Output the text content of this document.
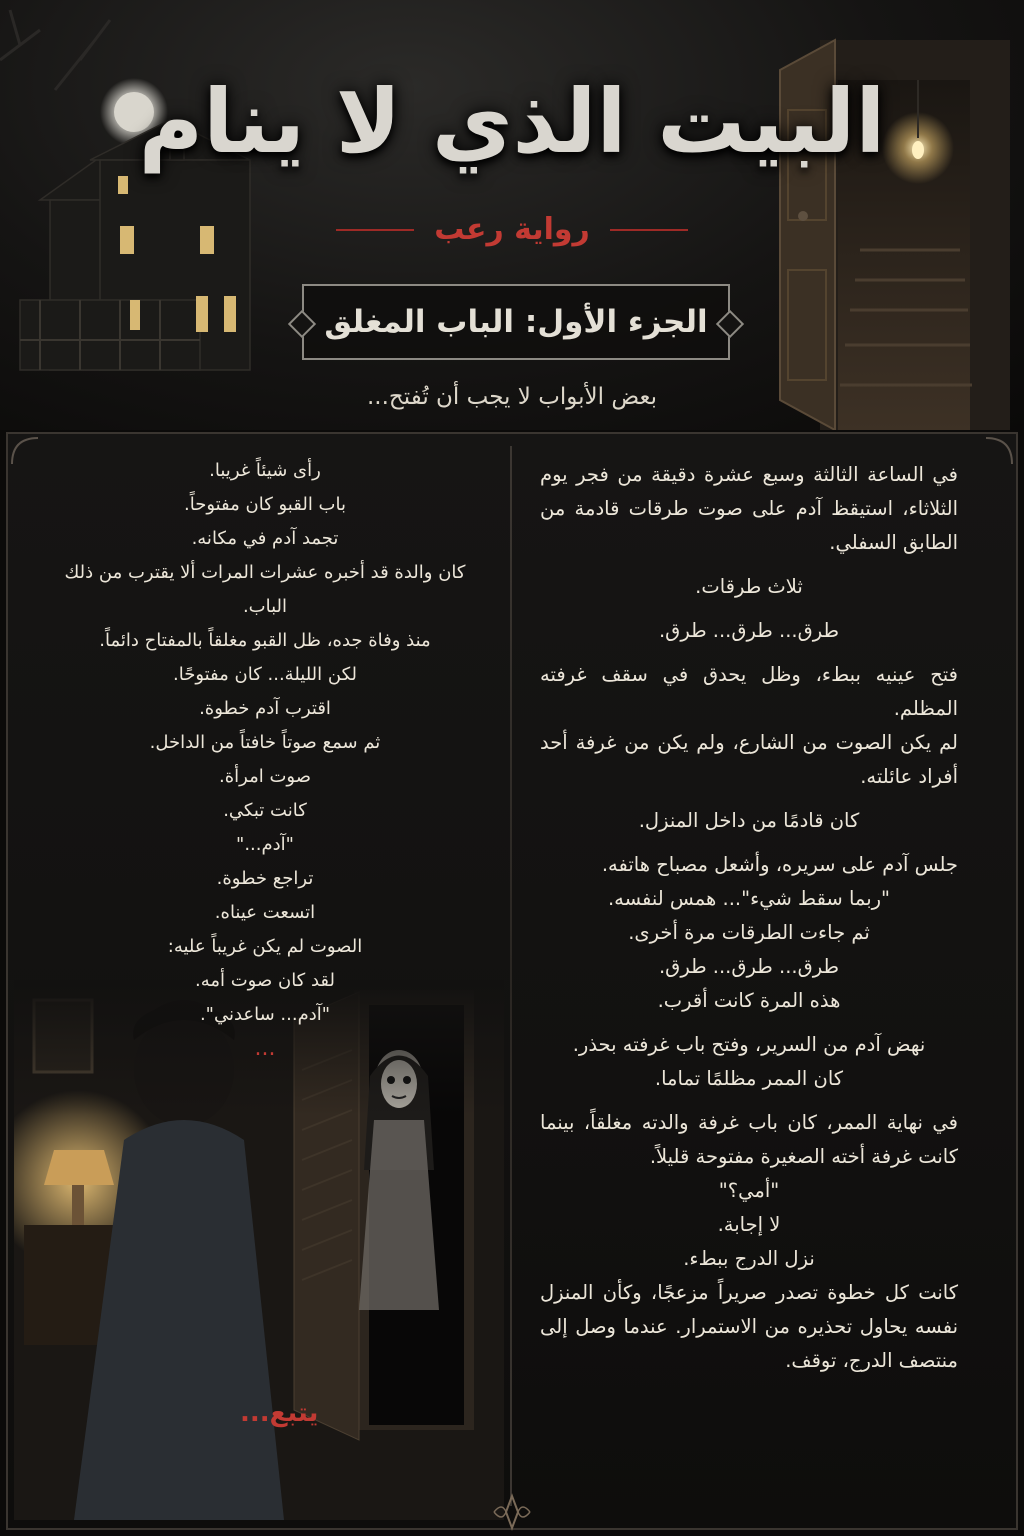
البيت الذي لا ينام
رواية رعب
الجزء الأول: الباب المغلق
بعض الأبواب لا يجب أن تُفتح...

في الساعة الثالثة وسبع عشرة دقيقة من فجر يوم الثلاثاء، استيقظ آدم على صوت طرقات قادمة من الطابق السفلي.

ثلاث طرقات.

طرق... طرق... طرق.

فتح عينيه ببطء، وظل يحدق في سقف غرفته المظلم.

لم يكن الصوت من الشارع، ولم يكن من غرفة أحد أفراد عائلته.

كان قادمًا من داخل المنزل.

جلس آدم على سريره، وأشعل مصباح هاتفه.

"ربما سقط شيء"... همس لنفسه.

ثم جاءت الطرقات مرة أخرى.

طرق... طرق... طرق.

هذه المرة كانت أقرب.

نهض آدم من السرير، وفتح باب غرفته بحذر.

كان الممر مظلمًا تماما.

في نهاية الممر، كان باب غرفة والدته مغلقاً، بينما كانت غرفة أخته الصغيرة مفتوحة قليلاً.

"أمي؟"

لا إجابة.

نزل الدرج ببطء.

كانت كل خطوة تصدر صريراً مزعجًا، وكأن المنزل نفسه يحاول تحذيره من الاستمرار. عندما وصل إلى منتصف الدرج، توقف.

رأى شيئاً غريبا.

باب القبو كان مفتوحاً.

تجمد آدم في مكانه.

كان والدة قد أخبره عشرات المرات ألا يقترب من ذلك الباب.

منذ وفاة جده، ظل القبو مغلقاً بالمفتاح دائماً.

لكن الليلة... كان مفتوحًا.

اقترب آدم خطوة.

ثم سمع صوتاً خافتاً من الداخل.

صوت امرأة.

كانت تبكي.

"آدم..."

تراجع خطوة.

اتسعت عيناه.

الصوت لم يكن غريباً عليه:

لقد كان صوت أمه.

"آدم... ساعدني".

...
يتبع...
